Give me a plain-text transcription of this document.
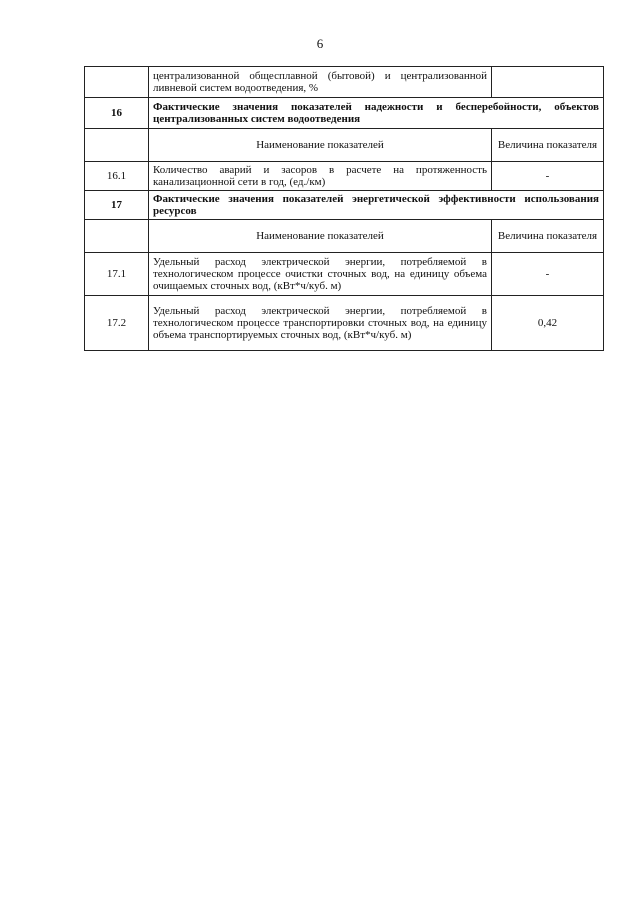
6
	централизованной общесплавной (бытовой) и централизованной ливневой систем водоотведения, %	
16	Фактические значения показателей надежности и бесперебойности, объектов централизованных систем водоотведения	
	Наименование показателей	Величина показателя
16.1	Количество аварий и засоров в расчете на протяженность канализационной сети в год, (ед./км)	-
17	Фактические значения показателей энергетической эффективности использования ресурсов	
	Наименование показателей	Величина показателя
17.1	Удельный расход электрической энергии, потребляемой в технологическом процессе очистки сточных вод, на единицу объема очищаемых сточных вод, (кВт*ч/куб. м)	-
17.2	Удельный расход электрической энергии, потребляемой в технологическом процессе транспортировки сточных вод, на единицу объема транспортируемых сточных вод, (кВт*ч/куб. м)	0,42
